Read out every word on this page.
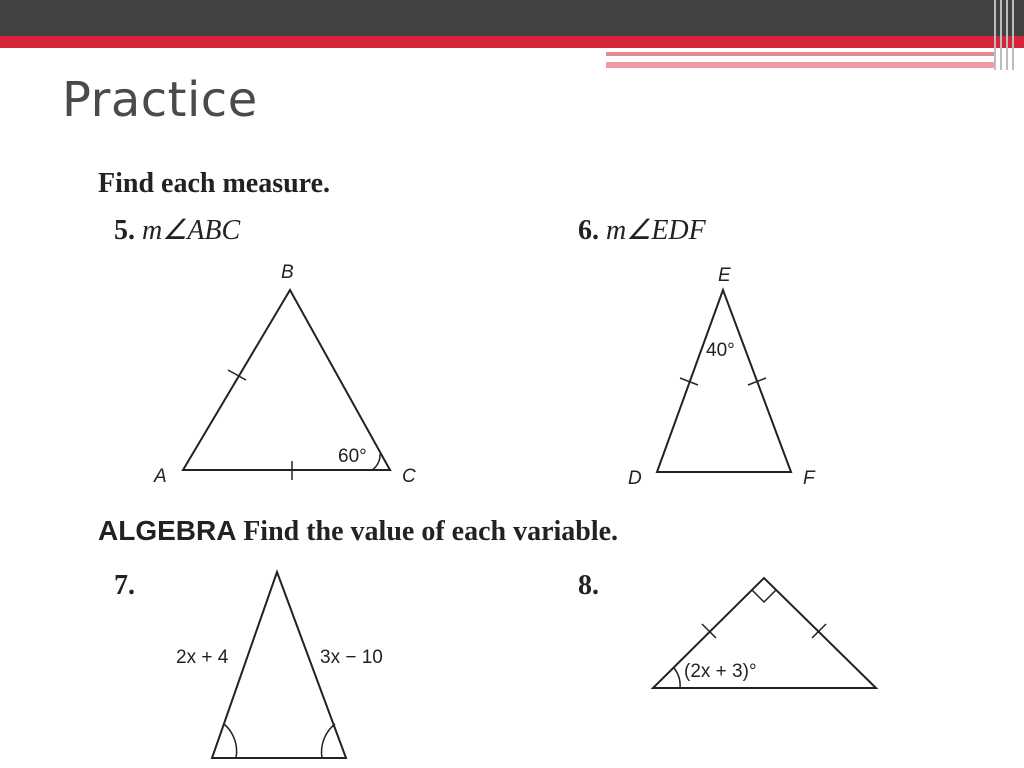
Practice
Find each measure.
5. m∠ABC	6. m∠EDF
ALGEBRA Find the value of each variable.
7.	8.
B
A	C
60°
E
D	F
40°
2x + 4	3x − 10
(2x + 3)°
